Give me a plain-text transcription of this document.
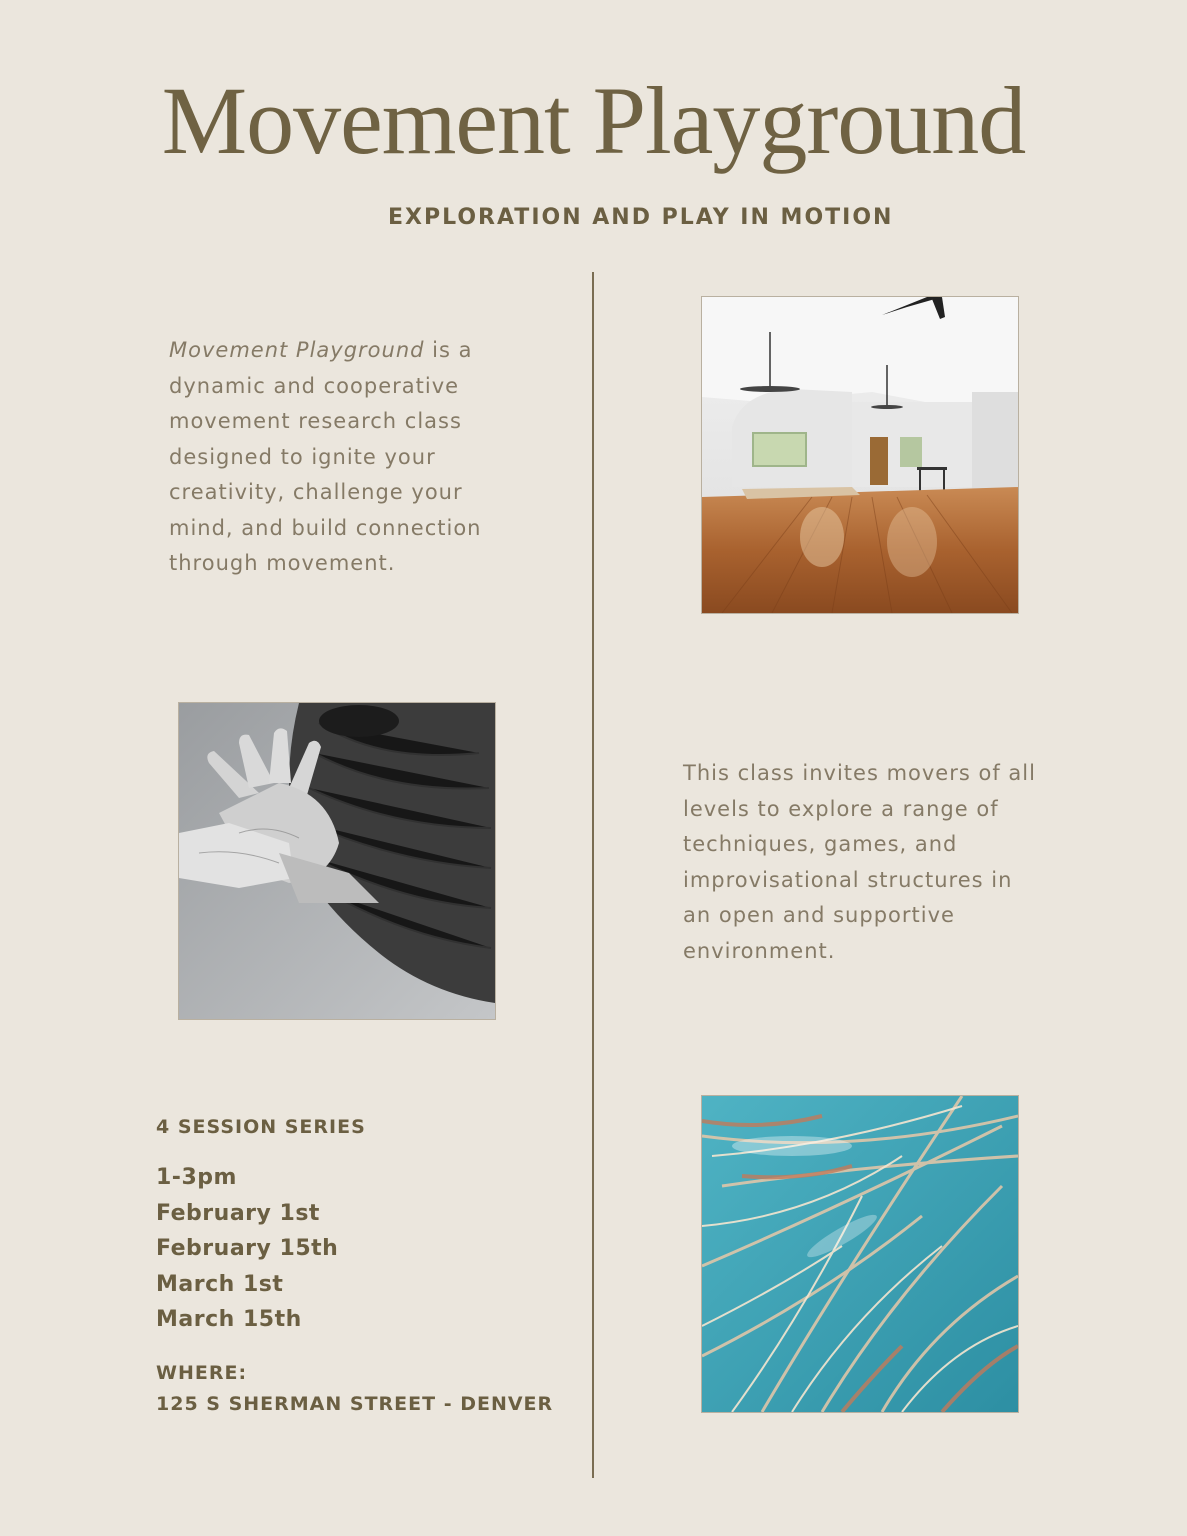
Movement Playground
EXPLORATION AND PLAY IN MOTION

Movement Playground is a dynamic and cooperative movement research class designed to ignite your creativity, challenge your mind, and build connection through movement.

This class invites movers of all levels to explore a range of techniques, games, and improvisational structures in an open and supportive environment.

4 SESSION SERIES
1-3pm
February 1st
February 15th
March 1st
March 15th
WHERE:
125 S SHERMAN STREET - DENVER
